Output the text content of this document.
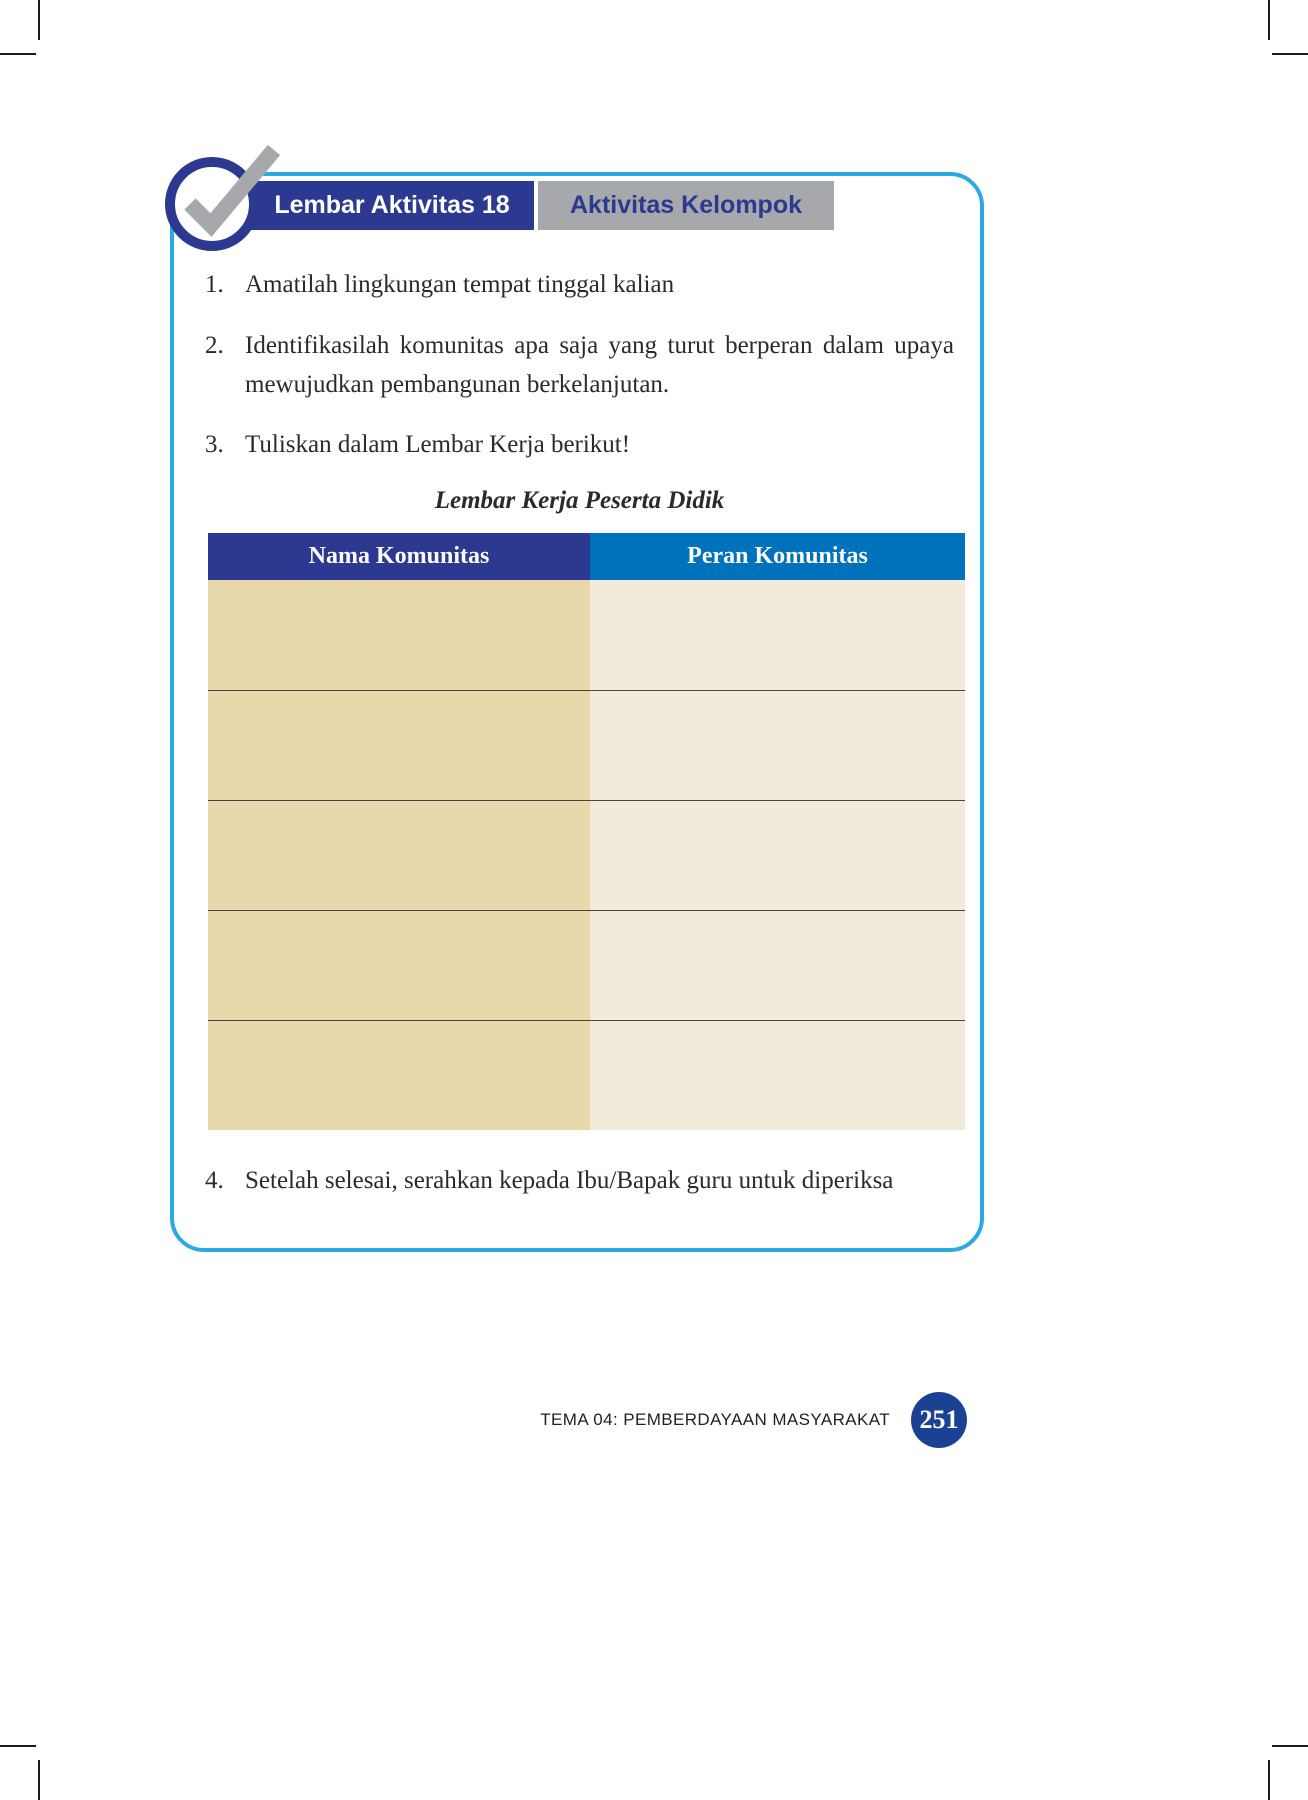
Lembar Aktivitas 18	Aktivitas Kelompok
1. Amatilah lingkungan tempat tinggal kalian
2. Identifikasilah komunitas apa saja yang turut berperan dalam upaya mewujudkan pembangunan berkelanjutan.
3. Tuliskan dalam Lembar Kerja berikut!
Lembar Kerja Peserta Didik
Nama Komunitas	Peran Komunitas
4. Setelah selesai, serahkan kepada Ibu/Bapak guru untuk diperiksa
TEMA 04: PEMBERDAYAAN MASYARAKAT	251
